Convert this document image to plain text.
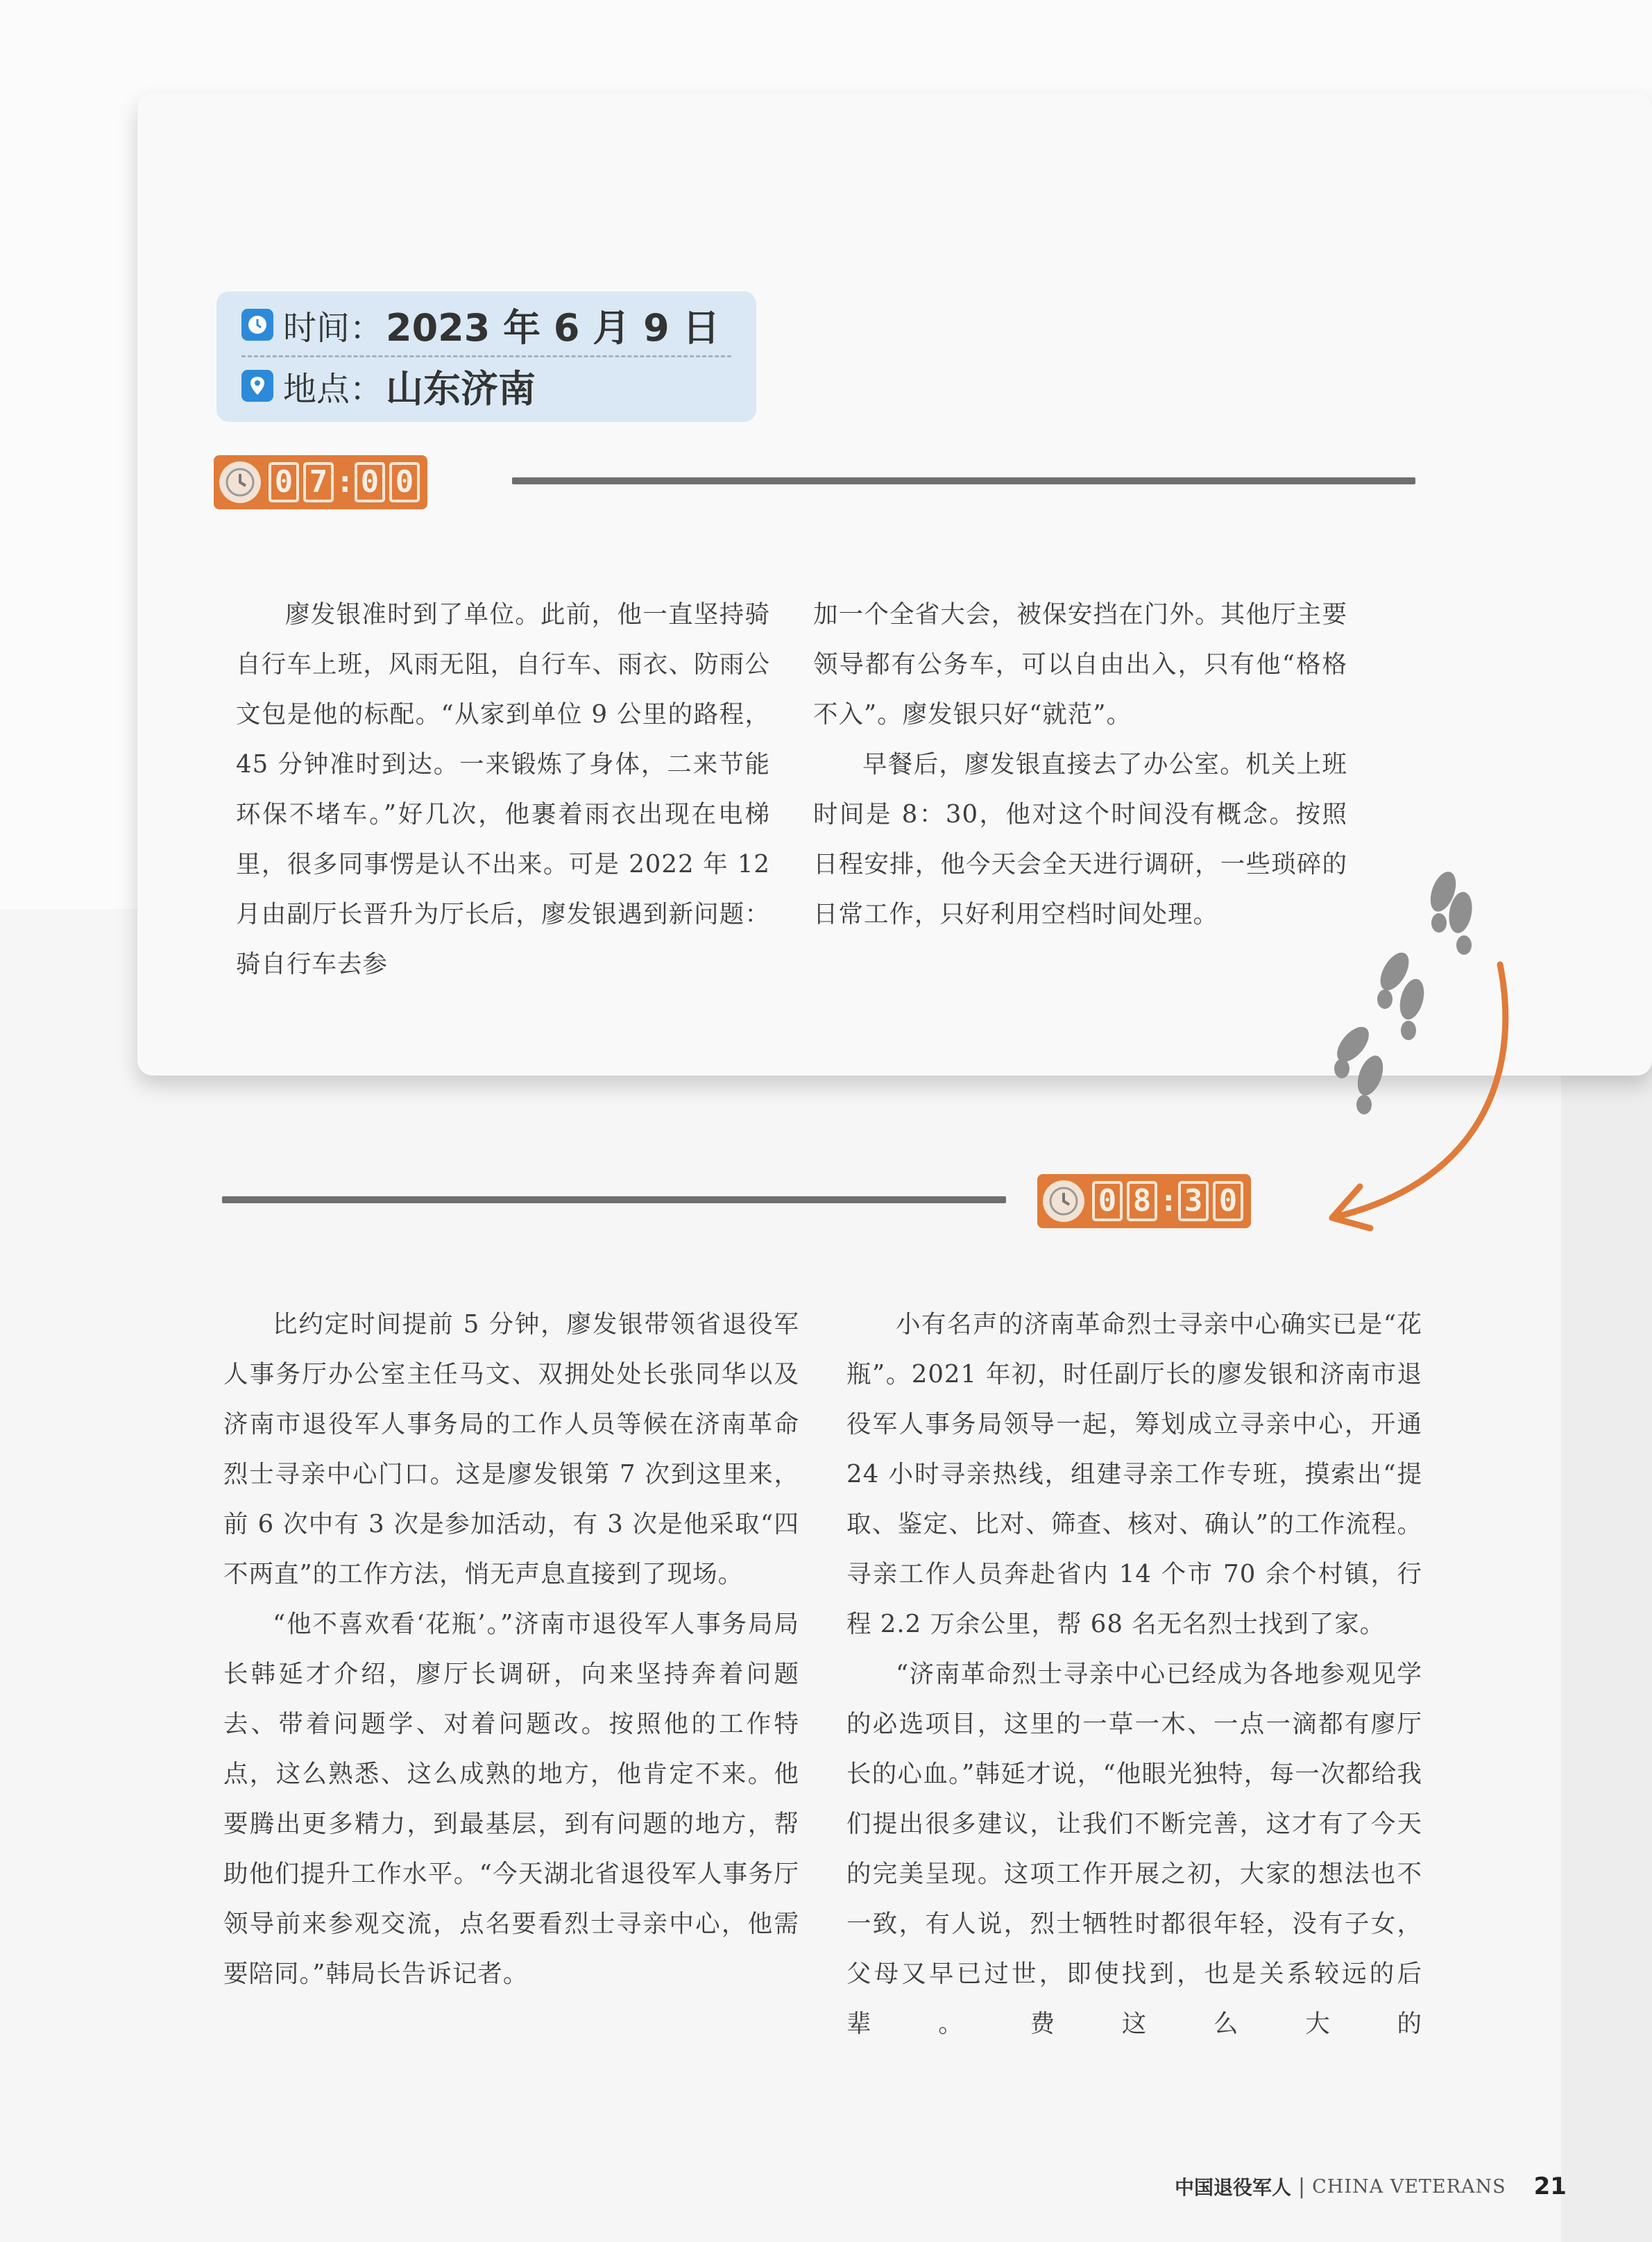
时间： 2023 年 6 月 9 日
地点： 山东济南
0 7 : 0 0

廖发银准时到了单位。此前，他一直坚持骑自行车上班，风雨无阻，自行车、雨衣、防雨公文包是他的标配。“从家到单位 9 公里的路程，45 分钟准时到达。一来锻炼了身体，二来节能环保不堵车。”好几次，他裹着雨衣出现在电梯里，很多同事愣是认不出来。可是 2022 年 12 月由副厅长晋升为厅长后，廖发银遇到新问题：骑自行车去参

加一个全省大会，被保安挡在门外。其他厅主要领导都有公务车，可以自由出入，只有他“格格不入”。廖发银只好“就范”。

早餐后，廖发银直接去了办公室。机关上班时间是 8：30，他对这个时间没有概念。按照日程安排，他今天会全天进行调研，一些琐碎的日常工作，只好利用空档时间处理。

0 8 : 3 0

比约定时间提前 5 分钟，廖发银带领省退役军人事务厅办公室主任马文、双拥处处长张同华以及济南市退役军人事务局的工作人员等候在济南革命烈士寻亲中心门口。这是廖发银第 7 次到这里来，前 6 次中有 3 次是参加活动，有 3 次是他采取“四不两直”的工作方法，悄无声息直接到了现场。

“他不喜欢看‘花瓶’。”济南市退役军人事务局局长韩延才介绍，廖厅长调研，向来坚持奔着问题去、带着问题学、对着问题改。按照他的工作特点，这么熟悉、这么成熟的地方，他肯定不来。他要腾出更多精力，到最基层，到有问题的地方，帮助他们提升工作水平。“今天湖北省退役军人事务厅领导前来参观交流，点名要看烈士寻亲中心，他需要陪同。”韩局长告诉记者。

小有名声的济南革命烈士寻亲中心确实已是“花瓶”。2021 年初，时任副厅长的廖发银和济南市退役军人事务局领导一起，筹划成立寻亲中心，开通 24 小时寻亲热线，组建寻亲工作专班，摸索出“提取、鉴定、比对、筛查、核对、确认”的工作流程。寻亲工作人员奔赴省内 14 个市 70 余个村镇，行程 2.2 万余公里，帮 68 名无名烈士找到了家。

“济南革命烈士寻亲中心已经成为各地参观见学的必选项目，这里的一草一木、一点一滴都有廖厅长的心血。”韩延才说，“他眼光独特，每一次都给我们提出很多建议，让我们不断完善，这才有了今天的完美呈现。这项工作开展之初，大家的想法也不一致，有人说，烈士牺牲时都很年轻，没有子女，父母又早已过世，即使找到，也是关系较远的后辈。费这么大的

中国退役军人 | CHINA VETERANS 21
